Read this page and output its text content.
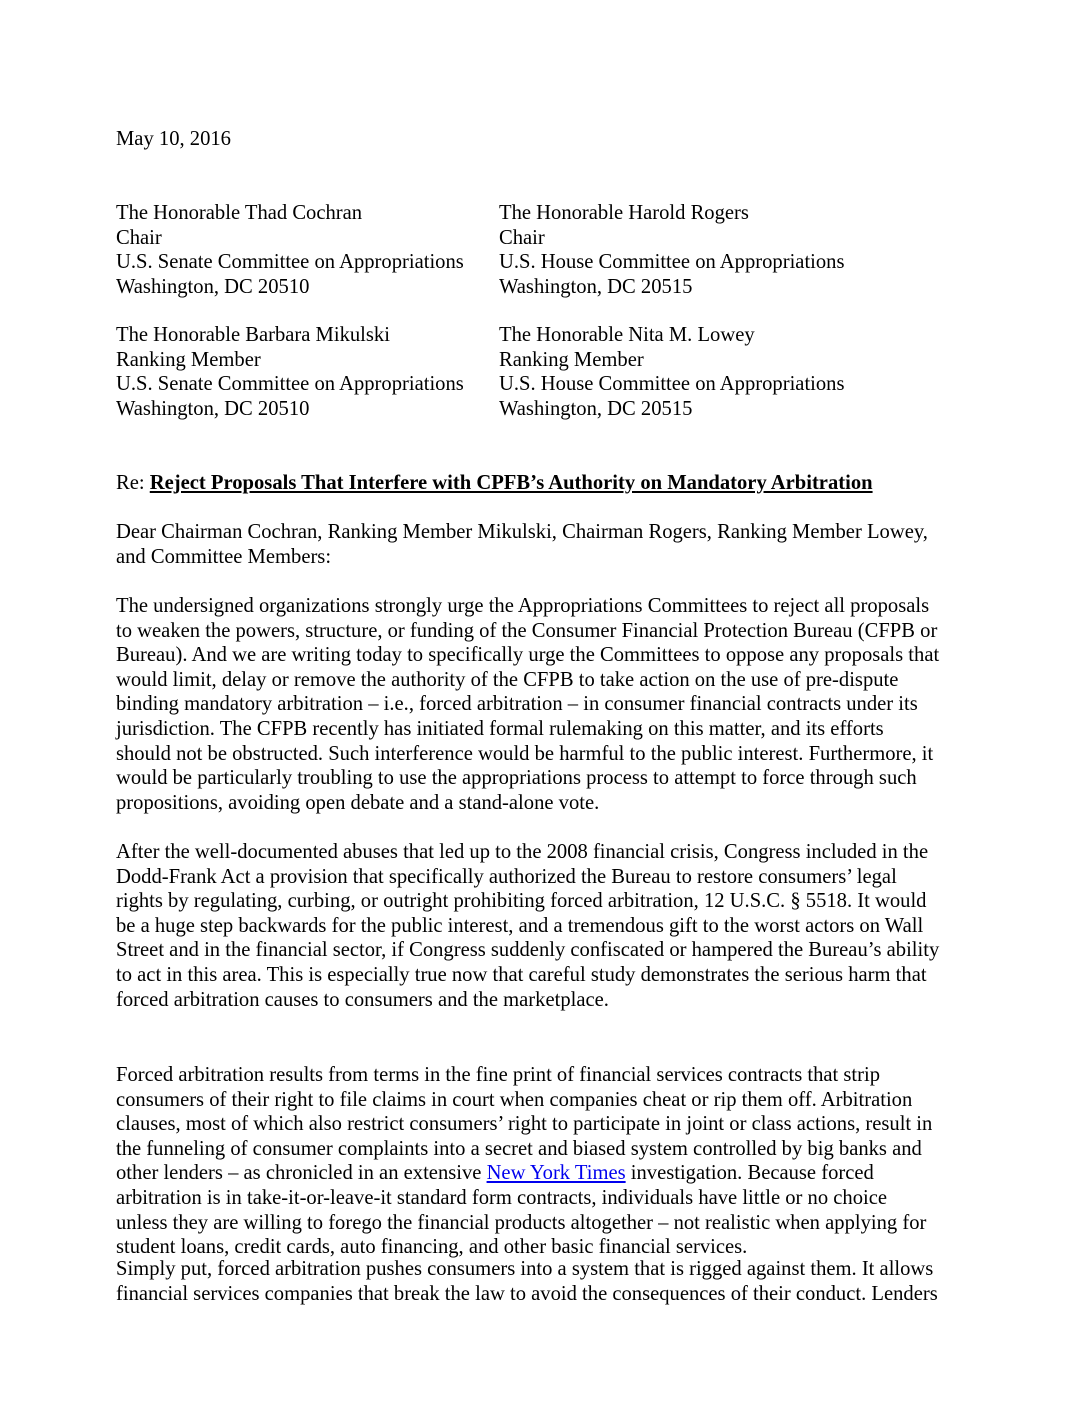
May 10, 2016
The Honorable Thad Cochran
Chair
U.S. Senate Committee on Appropriations
Washington, DC 20510
The Honorable Harold Rogers
Chair
U.S. House Committee on Appropriations
Washington, DC 20515
The Honorable Barbara Mikulski
Ranking Member
U.S. Senate Committee on Appropriations
Washington, DC 20510
The Honorable Nita M. Lowey
Ranking Member
U.S. House Committee on Appropriations
Washington, DC 20515
Re: Reject Proposals That Interfere with CPFB’s Authority on Mandatory Arbitration
Dear Chairman Cochran, Ranking Member Mikulski, Chairman Rogers, Ranking Member Lowey,
and Committee Members:
The undersigned organizations strongly urge the Appropriations Committees to reject all proposals
to weaken the powers, structure, or funding of the Consumer Financial Protection Bureau (CFPB or
Bureau). And we are writing today to specifically urge the Committees to oppose any proposals that
would limit, delay or remove the authority of the CFPB to take action on the use of pre-dispute
binding mandatory arbitration – i.e., forced arbitration – in consumer financial contracts under its
jurisdiction. The CFPB recently has initiated formal rulemaking on this matter, and its efforts
should not be obstructed. Such interference would be harmful to the public interest. Furthermore, it
would be particularly troubling to use the appropriations process to attempt to force through such
propositions, avoiding open debate and a stand-alone vote.
After the well-documented abuses that led up to the 2008 financial crisis, Congress included in the
Dodd-Frank Act a provision that specifically authorized the Bureau to restore consumers’ legal
rights by regulating, curbing, or outright prohibiting forced arbitration, 12 U.S.C. § 5518. It would
be a huge step backwards for the public interest, and a tremendous gift to the worst actors on Wall
Street and in the financial sector, if Congress suddenly confiscated or hampered the Bureau’s ability
to act in this area. This is especially true now that careful study demonstrates the serious harm that
forced arbitration causes to consumers and the marketplace.
Forced arbitration results from terms in the fine print of financial services contracts that strip
consumers of their right to file claims in court when companies cheat or rip them off. Arbitration
clauses, most of which also restrict consumers’ right to participate in joint or class actions, result in
the funneling of consumer complaints into a secret and biased system controlled by big banks and
other lenders – as chronicled in an extensive New York Times investigation. Because forced
arbitration is in take-it-or-leave-it standard form contracts, individuals have little or no choice
unless they are willing to forego the financial products altogether – not realistic when applying for
student loans, credit cards, auto financing, and other basic financial services.
Simply put, forced arbitration pushes consumers into a system that is rigged against them. It allows
financial services companies that break the law to avoid the consequences of their conduct. Lenders
